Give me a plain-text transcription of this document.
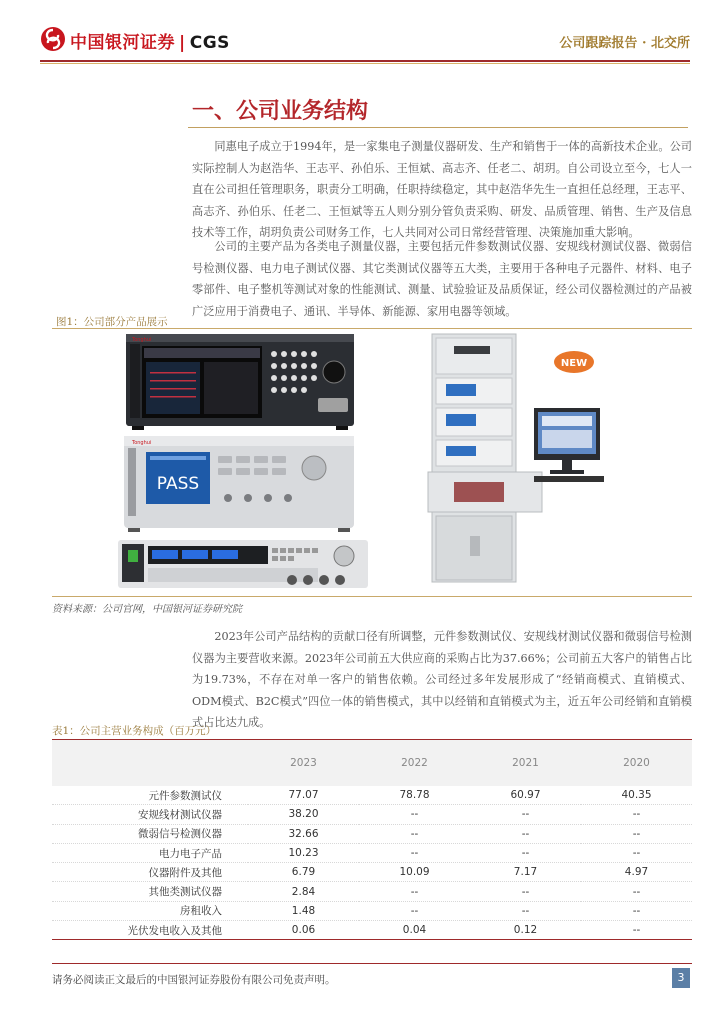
中国银河证券 | CGS	公司跟踪报告 · 北交所
一、公司业务结构
同惠电子成立于1994年，是一家集电子测量仪器研发、生产和销售于一体的高新技术企业。公司实际控制人为赵浩华、王志平、孙伯乐、王恒斌、高志齐、任老二、胡玥。自公司设立至今，七人一直在公司担任管理职务，职责分工明确，任职持续稳定，其中赵浩华先生一直担任总经理，王志平、高志齐、孙伯乐、任老二、王恒斌等五人则分别分管负责采购、研发、品质管理、销售、生产及信息技术等工作，胡玥负责公司财务工作，七人共同对公司日常经营管理、决策施加重大影响。
公司的主要产品为各类电子测量仪器，主要包括元件参数测试仪器、安规线材测试仪器、微弱信号检测仪器、电力电子测试仪器、其它类测试仪器等五大类，主要用于各种电子元器件、材料、电子零部件、电子整机等测试对象的性能测试、测量、试验验证及品质保证，经公司仪器检测过的产品被广泛应用于消费电子、通讯、半导体、新能源、家用电器等领域。
图1：公司部分产品展示
Tonghui
Tonghui
PASS
NEW
资料来源：公司官网，中国银河证券研究院
2023年公司产品结构的贡献口径有所调整，元件参数测试仪、安规线材测试仪器和微弱信号检测仪器为主要营收来源。2023年公司前五大供应商的采购占比为37.66%；公司前五大客户的销售占比为19.73%，不存在对单一客户的销售依赖。公司经过多年发展形成了“经销商模式、直销模式、ODM模式、B2C模式”四位一体的销售模式，其中以经销和直销模式为主，近五年公司经销和直销模式占比达九成。
表1：公司主营业务构成（百万元）
	2023	2022	2021	2020
元件参数测试仪	77.07	78.78	60.97	40.35
安规线材测试仪器	38.20	--	--	--
微弱信号检测仪器	32.66	--	--	--
电力电子产品	10.23	--	--	--
仪器附件及其他	6.79	10.09	7.17	4.97
其他类测试仪器	2.84	--	--	--
房租收入	1.48	--	--	--
光伏发电收入及其他	0.06	0.04	0.12	--
请务必阅读正文最后的中国银河证券股份有限公司免责声明。	3
